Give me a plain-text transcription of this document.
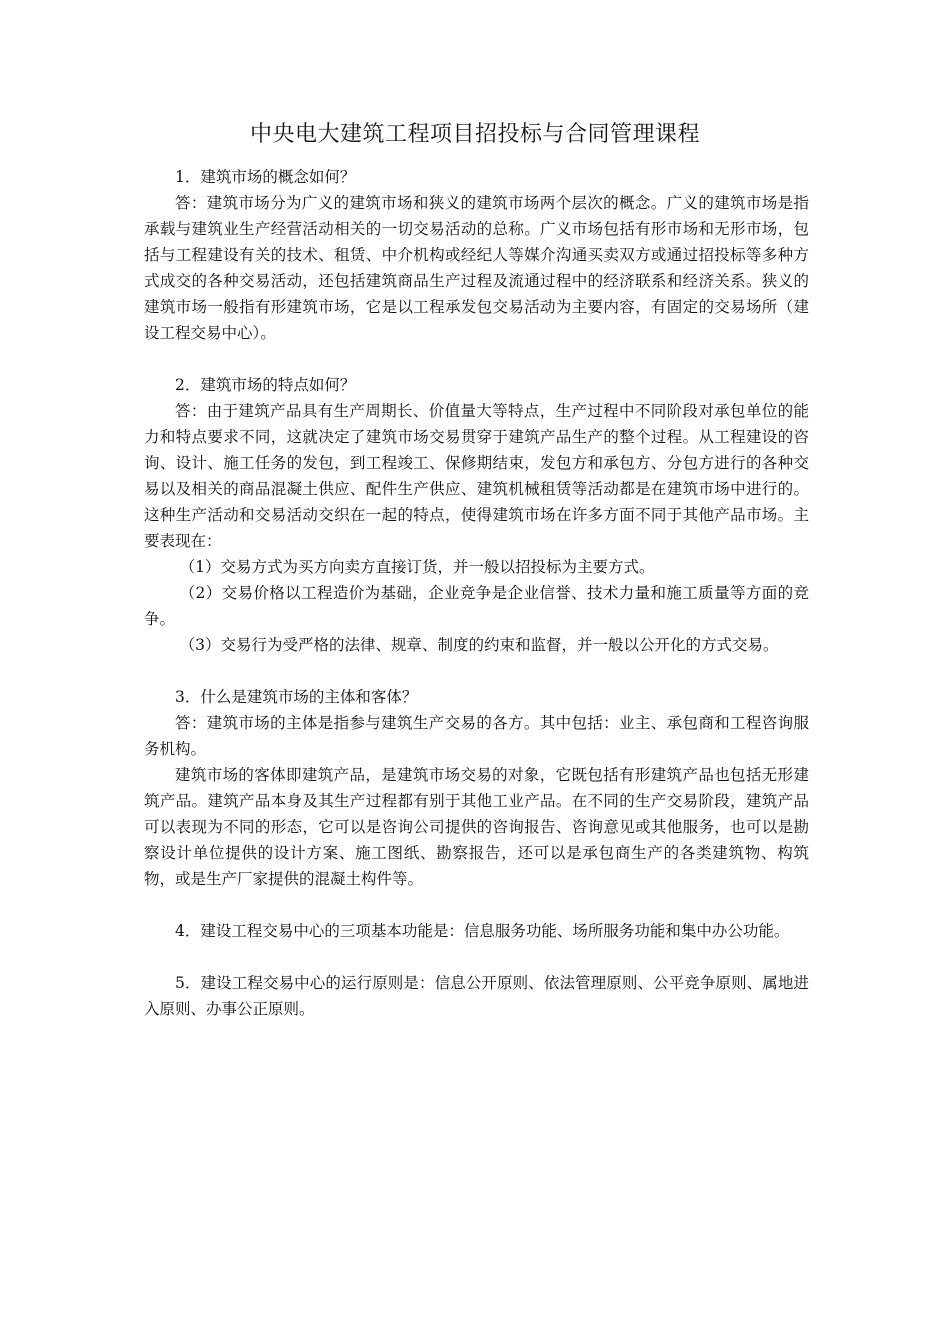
中央电大建筑工程项目招投标与合同管理课程

1．建筑市场的概念如何？

答：建筑市场分为广义的建筑市场和狭义的建筑市场两个层次的概念。广义的建筑市场是指承载与建筑业生产经营活动相关的一切交易活动的总称。广义市场包括有形市场和无形市场，包括与工程建设有关的技术、租赁、中介机构或经纪人等媒介沟通买卖双方或通过招投标等多种方式成交的各种交易活动，还包括建筑商品生产过程及流通过程中的经济联系和经济关系。狭义的建筑市场一般指有形建筑市场，它是以工程承发包交易活动为主要内容，有固定的交易场所（建设工程交易中心）。

2．建筑市场的特点如何？

答：由于建筑产品具有生产周期长、价值量大等特点，生产过程中不同阶段对承包单位的能力和特点要求不同，这就决定了建筑市场交易贯穿于建筑产品生产的整个过程。从工程建设的咨询、设计、施工任务的发包，到工程竣工、保修期结束，发包方和承包方、分包方进行的各种交易以及相关的商品混凝土供应、配件生产供应、建筑机械租赁等活动都是在建筑市场中进行的。这种生产活动和交易活动交织在一起的特点，使得建筑市场在许多方面不同于其他产品市场。主要表现在：

（1）交易方式为买方向卖方直接订货，并一般以招投标为主要方式。

（2）交易价格以工程造价为基础，企业竞争是企业信誉、技术力量和施工质量等方面的竞争。

（3）交易行为受严格的法律、规章、制度的约束和监督，并一般以公开化的方式交易。

3．什么是建筑市场的主体和客体？

答：建筑市场的主体是指参与建筑生产交易的各方。其中包括：业主、承包商和工程咨询服务机构。

建筑市场的客体即建筑产品，是建筑市场交易的对象，它既包括有形建筑产品也包括无形建筑产品。建筑产品本身及其生产过程都有别于其他工业产品。在不同的生产交易阶段，建筑产品可以表现为不同的形态，它可以是咨询公司提供的咨询报告、咨询意见或其他服务，也可以是勘察设计单位提供的设计方案、施工图纸、勘察报告，还可以是承包商生产的各类建筑物、构筑物，或是生产厂家提供的混凝土构件等。

4．建设工程交易中心的三项基本功能是：信息服务功能、场所服务功能和集中办公功能。

5．建设工程交易中心的运行原则是：信息公开原则、依法管理原则、公平竞争原则、属地进入原则、办事公正原则。
